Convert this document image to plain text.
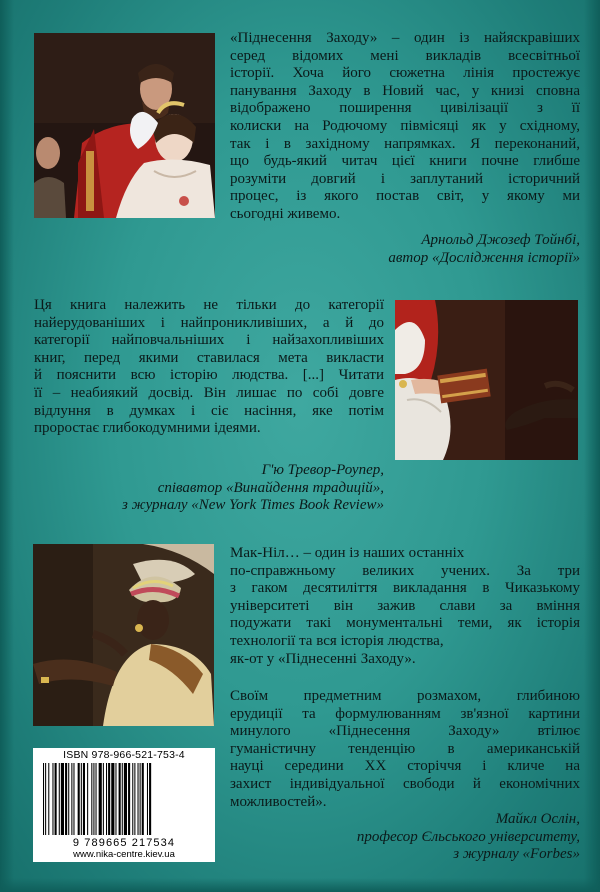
«Піднесення Заходу» – один із найяскравіших

серед відомих мені викладів всесвітньої

історії. Хоча його сюжетна лінія простежує

панування Заходу в Новий час, у книзі сповна

відображено поширення цивілізації з її

колиски на Родючому півмісяці як у східному,

так і в західному напрямках. Я переконаний,

що будь-який читач цієї книги почне глибше

розуміти довгий і заплутаний історичний

процес, із якого постав світ, у якому ми

сьогодні живемо.

Арнольд Джозеф Тойнбі,

автор «Дослідження історії»

Ця книга належить не тільки до категорії

найерудованіших і найпроникливіших, а й до

категорії найповчальніших і найзахопливіших

книг, перед якими ставилася мета викласти

й пояснити всю історію людства. [...] Читати

її – неабиякий досвід. Він лишає по собі довге

відлуння в думках і сіє насіння, яке потім

проростає глибокодумними ідеями.

Г'ю Тревор-Роупер,

співавтор «Винайдення традицій»,

з журналу «New York Times Book Review»

Мак-Ніл… – один із наших останніх

по-справжньому великих учених. За три

з гаком десятиліття викладання в Чиказькому

університеті він зажив слави за вміння

подужати такі монументальні теми, як історія

технології та вся історія людства,

як-от у «Піднесенні Заходу».

Своїм предметним розмахом, глибиною

ерудиції та формулюванням зв'язної картини

минулого «Піднесення Заходу» втілює

гуманістичну тенденцію в американській

науці середини XX сторіччя і кличе на

захист індивідуальної свободи й економічних

можливостей».

Майкл Ослін,

професор Єльського університету,

з журналу «Forbes»

ISBN 978-966-521-753-4
9 789665 217534
www.nika-centre.kiev.ua
